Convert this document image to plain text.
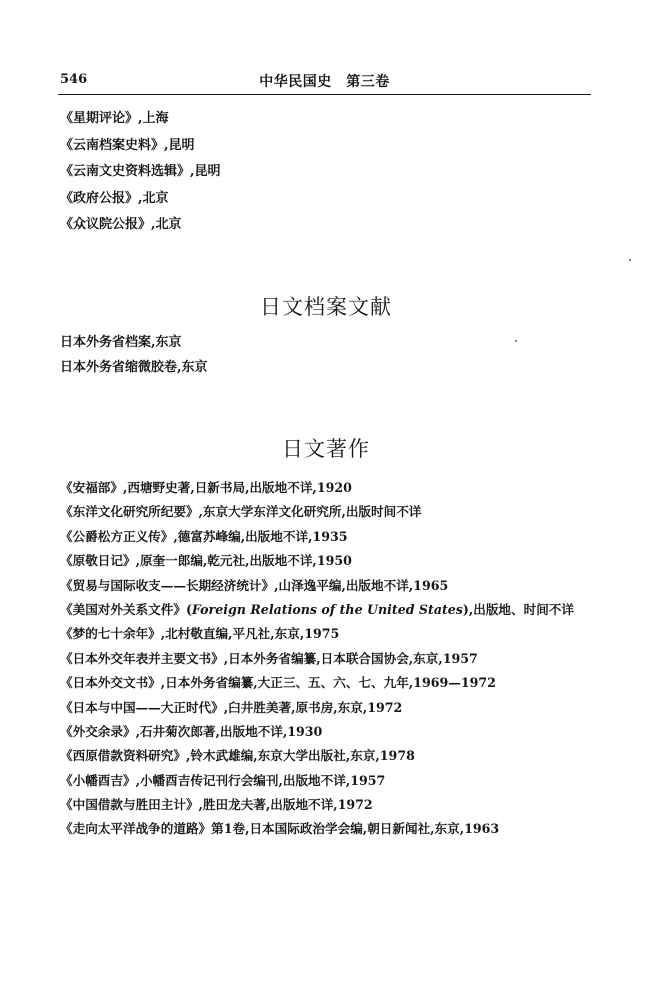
546	中华民国史　第三卷
《星期评论》,上海
《云南档案史料》,昆明
《云南文史资料选辑》,昆明
《政府公报》,北京
《众议院公报》,北京
日文档案文献
日本外务省档案,东京
日本外务省缩微胶卷,东京
日文著作
《安福部》,西塘野史著,日新书局,出版地不详,1920
《东洋文化研究所纪要》,东京大学东洋文化研究所,出版时间不详
《公爵松方正义传》,德富苏峰编,出版地不详,1935
《原敬日记》,原奎一郎编,乾元社,出版地不详,1950
《贸易与国际收支——长期经济统计》,山泽逸平编,出版地不详,1965
《美国对外关系文件》(Foreign Relations of the United States),出版地、时间不详
《梦的七十余年》,北村敬直编,平凡社,东京,1975
《日本外交年表并主要文书》,日本外务省编纂,日本联合国协会,东京,1957
《日本外交文书》,日本外务省编纂,大正三、五、六、七、九年,1969—1972
《日本与中国——大正时代》,臼井胜美著,原书房,东京,1972
《外交余录》,石井菊次郎著,出版地不详,1930
《西原借款资料研究》,铃木武雄编,东京大学出版社,东京,1978
《小幡酉吉》,小幡酉吉传记刊行会编刊,出版地不详,1957
《中国借款与胜田主计》,胜田龙夫著,出版地不详,1972
《走向太平洋战争的道路》第1卷,日本国际政治学会编,朝日新闻社,东京,1963
